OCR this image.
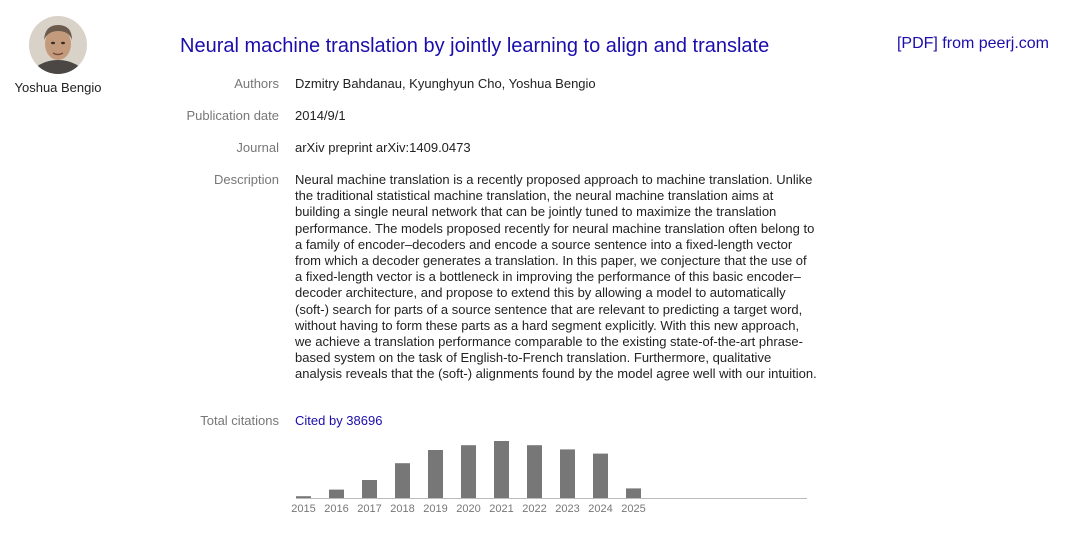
Yoshua Bengio
Neural machine translation by jointly learning to align and translate	[PDF] from peerj.com
Authors Dzmitry Bahdanau, Kyunghyun Cho, Yoshua Bengio
Publication date 2014/9/1
Journal arXiv preprint arXiv:1409.0473
Description Neural machine translation is a recently proposed approach to machine translation. Unlike the traditional statistical machine translation, the neural machine translation aims at building a single neural network that can be jointly tuned to maximize the translation performance. The models proposed recently for neural machine translation often belong to a family of encoder–decoders and encode a source sentence into a fixed-length vector from which a decoder generates a translation. In this paper, we conjecture that the use of a fixed-length vector is a bottleneck in improving the performance of this basic encoder–decoder architecture, and propose to extend this by allowing a model to automatically (soft-) search for parts of a source sentence that are relevant to predicting a target word, without having to form these parts as a hard segment explicitly. With this new approach, we achieve a translation performance comparable to the existing state-of-the-art phrase-based system on the task of English-to-French translation. Furthermore, qualitative analysis reveals that the (soft-) alignments found by the model agree well with our intuition.
Total citations Cited by 38696
2015 2016 2017 2018 2019 2020 2021 2022 2023 2024 2025
